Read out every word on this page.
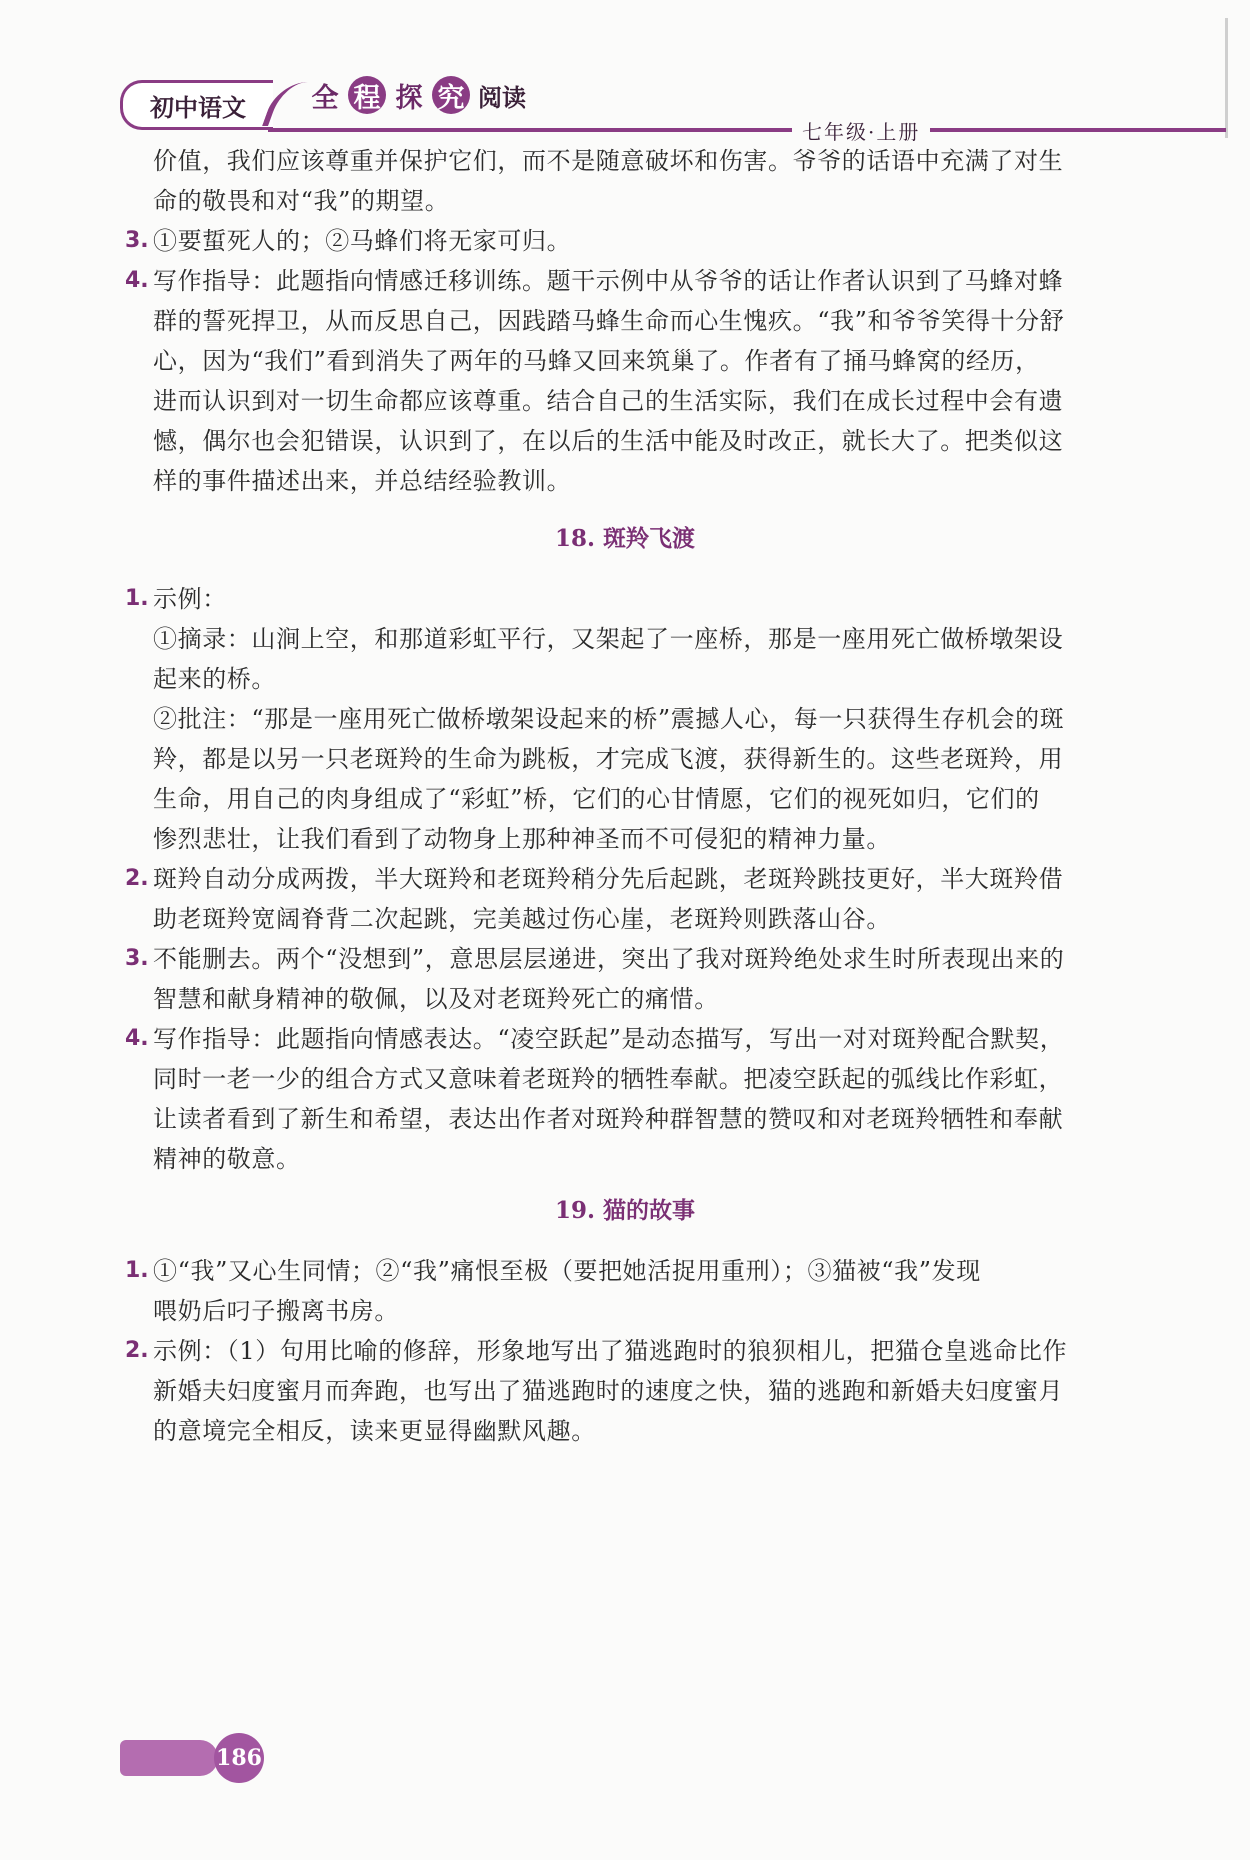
初中语文	全 程 探 究 阅读
七年级·上册
价值，我们应该尊重并保护它们，而不是随意破坏和伤害。爷爷的话语中充满了对生
命的敬畏和对“我”的期望。
3. ①要蜇死人的；②马蜂们将无家可归。
4. 写作指导：此题指向情感迁移训练。题干示例中从爷爷的话让作者认识到了马蜂对蜂
群的誓死捍卫，从而反思自己，因践踏马蜂生命而心生愧疚。“我”和爷爷笑得十分舒
心，因为“我们”看到消失了两年的马蜂又回来筑巢了。作者有了捅马蜂窝的经历，
进而认识到对一切生命都应该尊重。结合自己的生活实际，我们在成长过程中会有遗
憾，偶尔也会犯错误，认识到了，在以后的生活中能及时改正，就长大了。把类似这
样的事件描述出来，并总结经验教训。
18. 斑羚飞渡
1. 示例：
①摘录：山涧上空，和那道彩虹平行，又架起了一座桥，那是一座用死亡做桥墩架设
起来的桥。
②批注：“那是一座用死亡做桥墩架设起来的桥”震撼人心，每一只获得生存机会的斑
羚，都是以另一只老斑羚的生命为跳板，才完成飞渡，获得新生的。这些老斑羚，用
生命，用自己的肉身组成了“彩虹”桥，它们的心甘情愿，它们的视死如归，它们的
惨烈悲壮，让我们看到了动物身上那种神圣而不可侵犯的精神力量。
2. 斑羚自动分成两拨，半大斑羚和老斑羚稍分先后起跳，老斑羚跳技更好，半大斑羚借
助老斑羚宽阔脊背二次起跳，完美越过伤心崖，老斑羚则跌落山谷。
3. 不能删去。两个“没想到”，意思层层递进，突出了我对斑羚绝处求生时所表现出来的
智慧和献身精神的敬佩，以及对老斑羚死亡的痛惜。
4. 写作指导：此题指向情感表达。“凌空跃起”是动态描写，写出一对对斑羚配合默契，
同时一老一少的组合方式又意味着老斑羚的牺牲奉献。把凌空跃起的弧线比作彩虹，
让读者看到了新生和希望，表达出作者对斑羚种群智慧的赞叹和对老斑羚牺牲和奉献
精神的敬意。
19. 猫的故事
1. ①“我”又心生同情；②“我”痛恨至极（要把她活捉用重刑）；③猫被“我”发现
喂奶后叼子搬离书房。
2. 示例：（1）句用比喻的修辞，形象地写出了猫逃跑时的狼狈相儿，把猫仓皇逃命比作
新婚夫妇度蜜月而奔跑，也写出了猫逃跑时的速度之快，猫的逃跑和新婚夫妇度蜜月
的意境完全相反，读来更显得幽默风趣。
186
